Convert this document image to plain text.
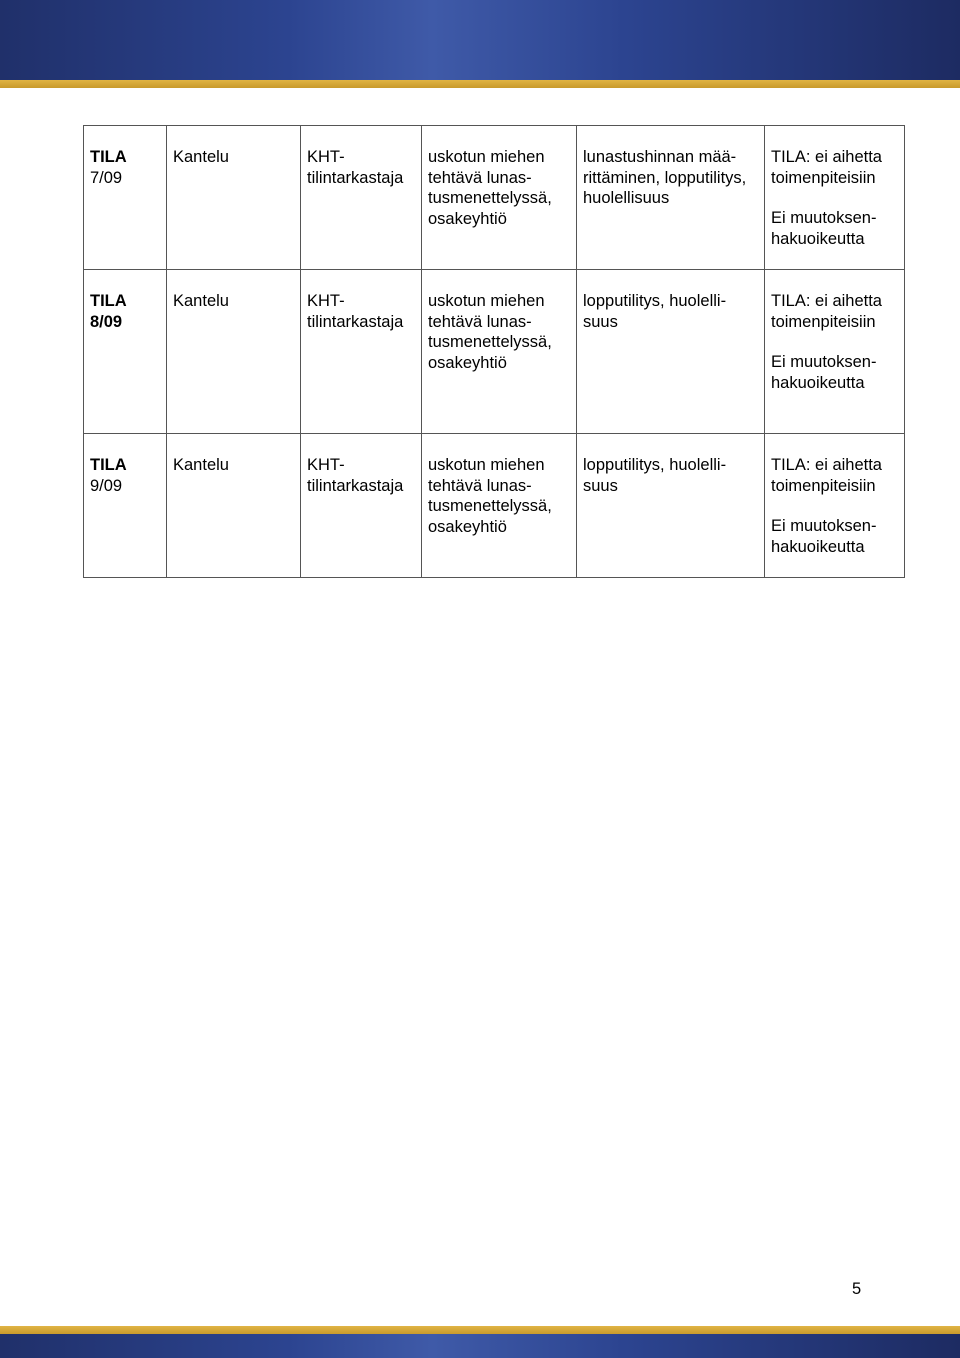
TILA
7/09	Kantelu	KHT-
tilintarkastaja	uskotun miehen
tehtävä lunas-
tusmenettelyssä,
osakeyhtiö	lunastushinnan mää-
rittäminen, lopputilitys,
huolellisuus	TILA: ei aihetta
toimenpiteisiin
Ei muutoksen-
hakuoikeutta

TILA
8/09	Kantelu	KHT-
tilintarkastaja	uskotun miehen
tehtävä lunas-
tusmenettelyssä,
osakeyhtiö	lopputilitys, huolelli-
suus	TILA: ei aihetta
toimenpiteisiin
Ei muutoksen-
hakuoikeutta

TILA
9/09	Kantelu	KHT-
tilintarkastaja	uskotun miehen
tehtävä lunas-
tusmenettelyssä,
osakeyhtiö	lopputilitys, huolelli-
suus	TILA: ei aihetta
toimenpiteisiin
Ei muutoksen-
hakuoikeutta
5
